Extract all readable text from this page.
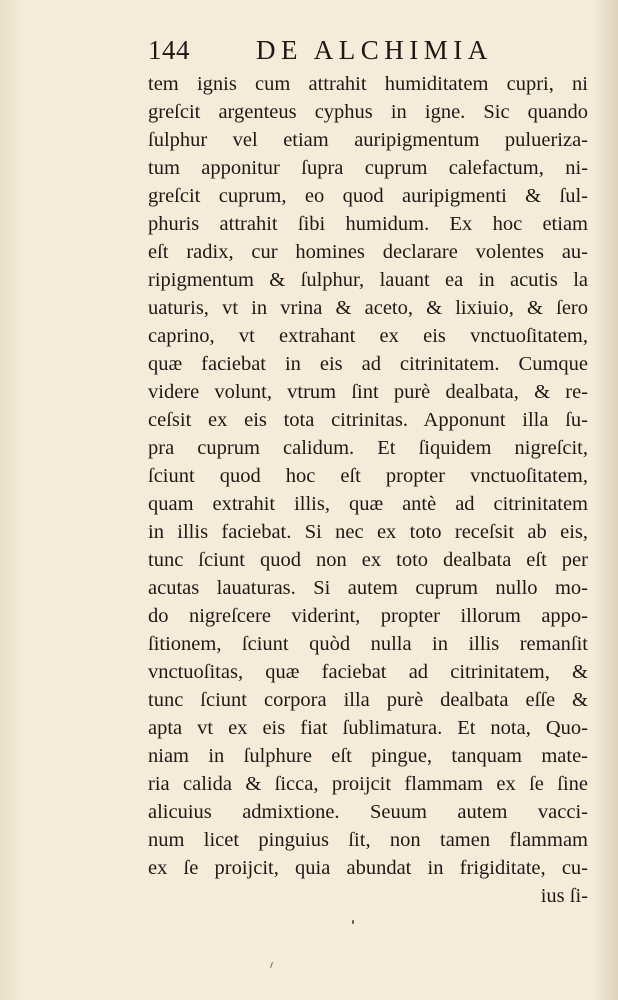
144 DE ALCHIMIA
tem ignis cum attrahit humiditatem cupri, ni
greſcit argenteus cyphus in igne. Sic quando
ſulphur vel etiam auripigmentum pulueriza-
tum apponitur ſupra cuprum calefactum, ni-
greſcit cuprum, eo quod auripigmenti & ſul-
phuris attrahit ſibi humidum. Ex hoc etiam
eſt radix, cur homines declarare volentes au-
ripigmentum & ſulphur, lauant ea in acutis la
uaturis, vt in vrina & aceto, & lixiuio, & ſero
caprino, vt extrahant ex eis vnctuoſitatem,
quæ faciebat in eis ad citrinitatem. Cumque
videre volunt, vtrum ſint purè dealbata, & re-
ceſsit ex eis tota citrinitas. Apponunt illa ſu-
pra cuprum calidum. Et ſiquidem nigreſcit,
ſciunt quod hoc eſt propter vnctuoſitatem,
quam extrahit illis, quæ antè ad citrinitatem
in illis faciebat. Si nec ex toto receſsit ab eis,
tunc ſciunt quod non ex toto dealbata eſt per
acutas lauaturas. Si autem cuprum nullo mo-
do nigreſcere viderint, propter illorum appo-
ſitionem, ſciunt quòd nulla in illis remanſit
vnctuoſitas, quæ faciebat ad citrinitatem, &
tunc ſciunt corpora illa purè dealbata eſſe &
apta vt ex eis fiat ſublimatura. Et nota, Quo-
niam in ſulphure eſt pingue, tanquam mate-
ria calida & ſicca, proijcit flammam ex ſe ſine
alicuius admixtione. Seuum autem vacci-
num licet pinguius ſit, non tamen flammam
ex ſe proijcit, quia abundat in frigiditate, cu-
ius ſi-
